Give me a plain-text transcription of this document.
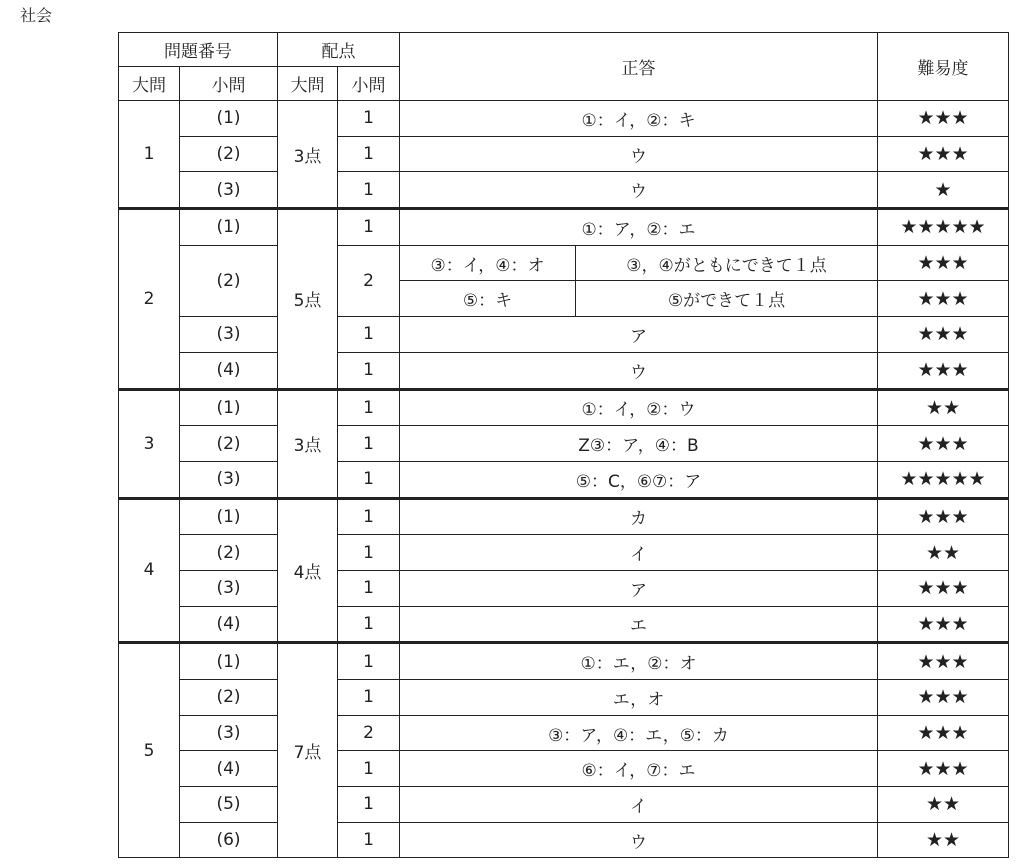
社会
問題番号		配点		正答		難易度
大問	小問	大問	小問			
1	(1)	3点	1	①：イ，②：キ		★★★
	(2)		1	ウ		★★★
	(3)		1	ウ		★
2	(1)	5点	1	①：ア，②：エ		★★★★★
	(2)		2	③：イ，④：オ	③，④がともにできて１点	★★★
				⑤：キ	⑤ができて１点	★★★
	(3)		1	ア		★★★
	(4)		1	ウ		★★★
3	(1)	3点	1	①：イ，②：ウ		★★
	(2)		1	Z③：ア，④：B		★★★
	(3)		1	⑤：C，⑥⑦：ア		★★★★★
4	(1)	4点	1	カ		★★★
	(2)		1	イ		★★
	(3)		1	ア		★★★
	(4)		1	エ		★★★
5	(1)	7点	1	①：エ，②：オ		★★★
	(2)		1	エ，オ		★★★
	(3)		2	③：ア，④：エ，⑤：カ		★★★
	(4)		1	⑥：イ，⑦：エ		★★★
	(5)		1	イ		★★
	(6)		1	ウ		★★
